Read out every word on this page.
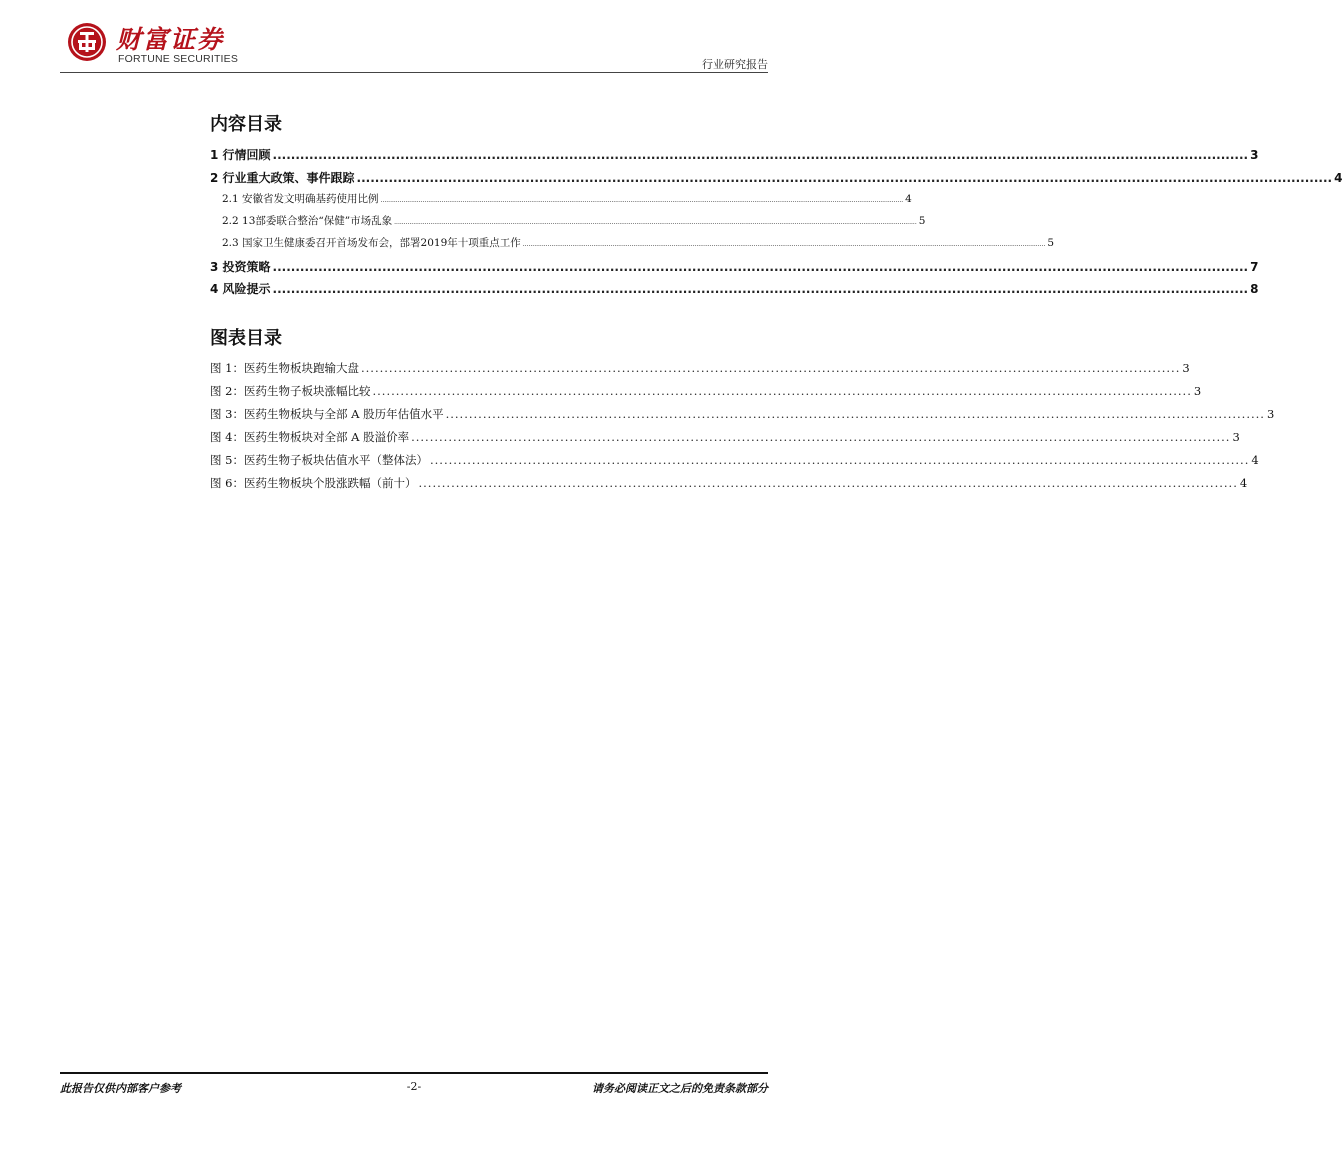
财富证券
FORTUNE SECURITIES	行业研究报告
内容目录
1 行情回顾 ...................................................................................................................................................................................................................... 3
2 行业重大政策、事件跟踪 ...................................................................................................................................................................................................................... 4
2.1 安徽省发文明确基药使用比例 .................................................................................................................................................................................................................................................................................. 4
2.2 13部委联合整治“保健”市场乱象 .................................................................................................................................................................................................................................................................................. 5
2.3 国家卫生健康委召开首场发布会，部署2019年十项重点工作 .................................................................................................................................................................................................................................................................................. 5
3 投资策略 ...................................................................................................................................................................................................................... 7
4 风险提示 ...................................................................................................................................................................................................................... 8
图表目录
图 1：医药生物板块跑输大盘 ................................................................................................................................................................................ 3
图 2：医药生物子板块涨幅比较 ................................................................................................................................................................................ 3
图 3：医药生物板块与全部 A 股历年估值水平 ................................................................................................................................................................................ 3
图 4：医药生物板块对全部 A 股溢价率 ................................................................................................................................................................................ 3
图 5：医药生物子板块估值水平（整体法） ................................................................................................................................................................................ 4
图 6：医药生物板块个股涨跌幅（前十） ................................................................................................................................................................................ 4
此报告仅供内部客户参考	-2-	请务必阅读正文之后的免责条款部分
